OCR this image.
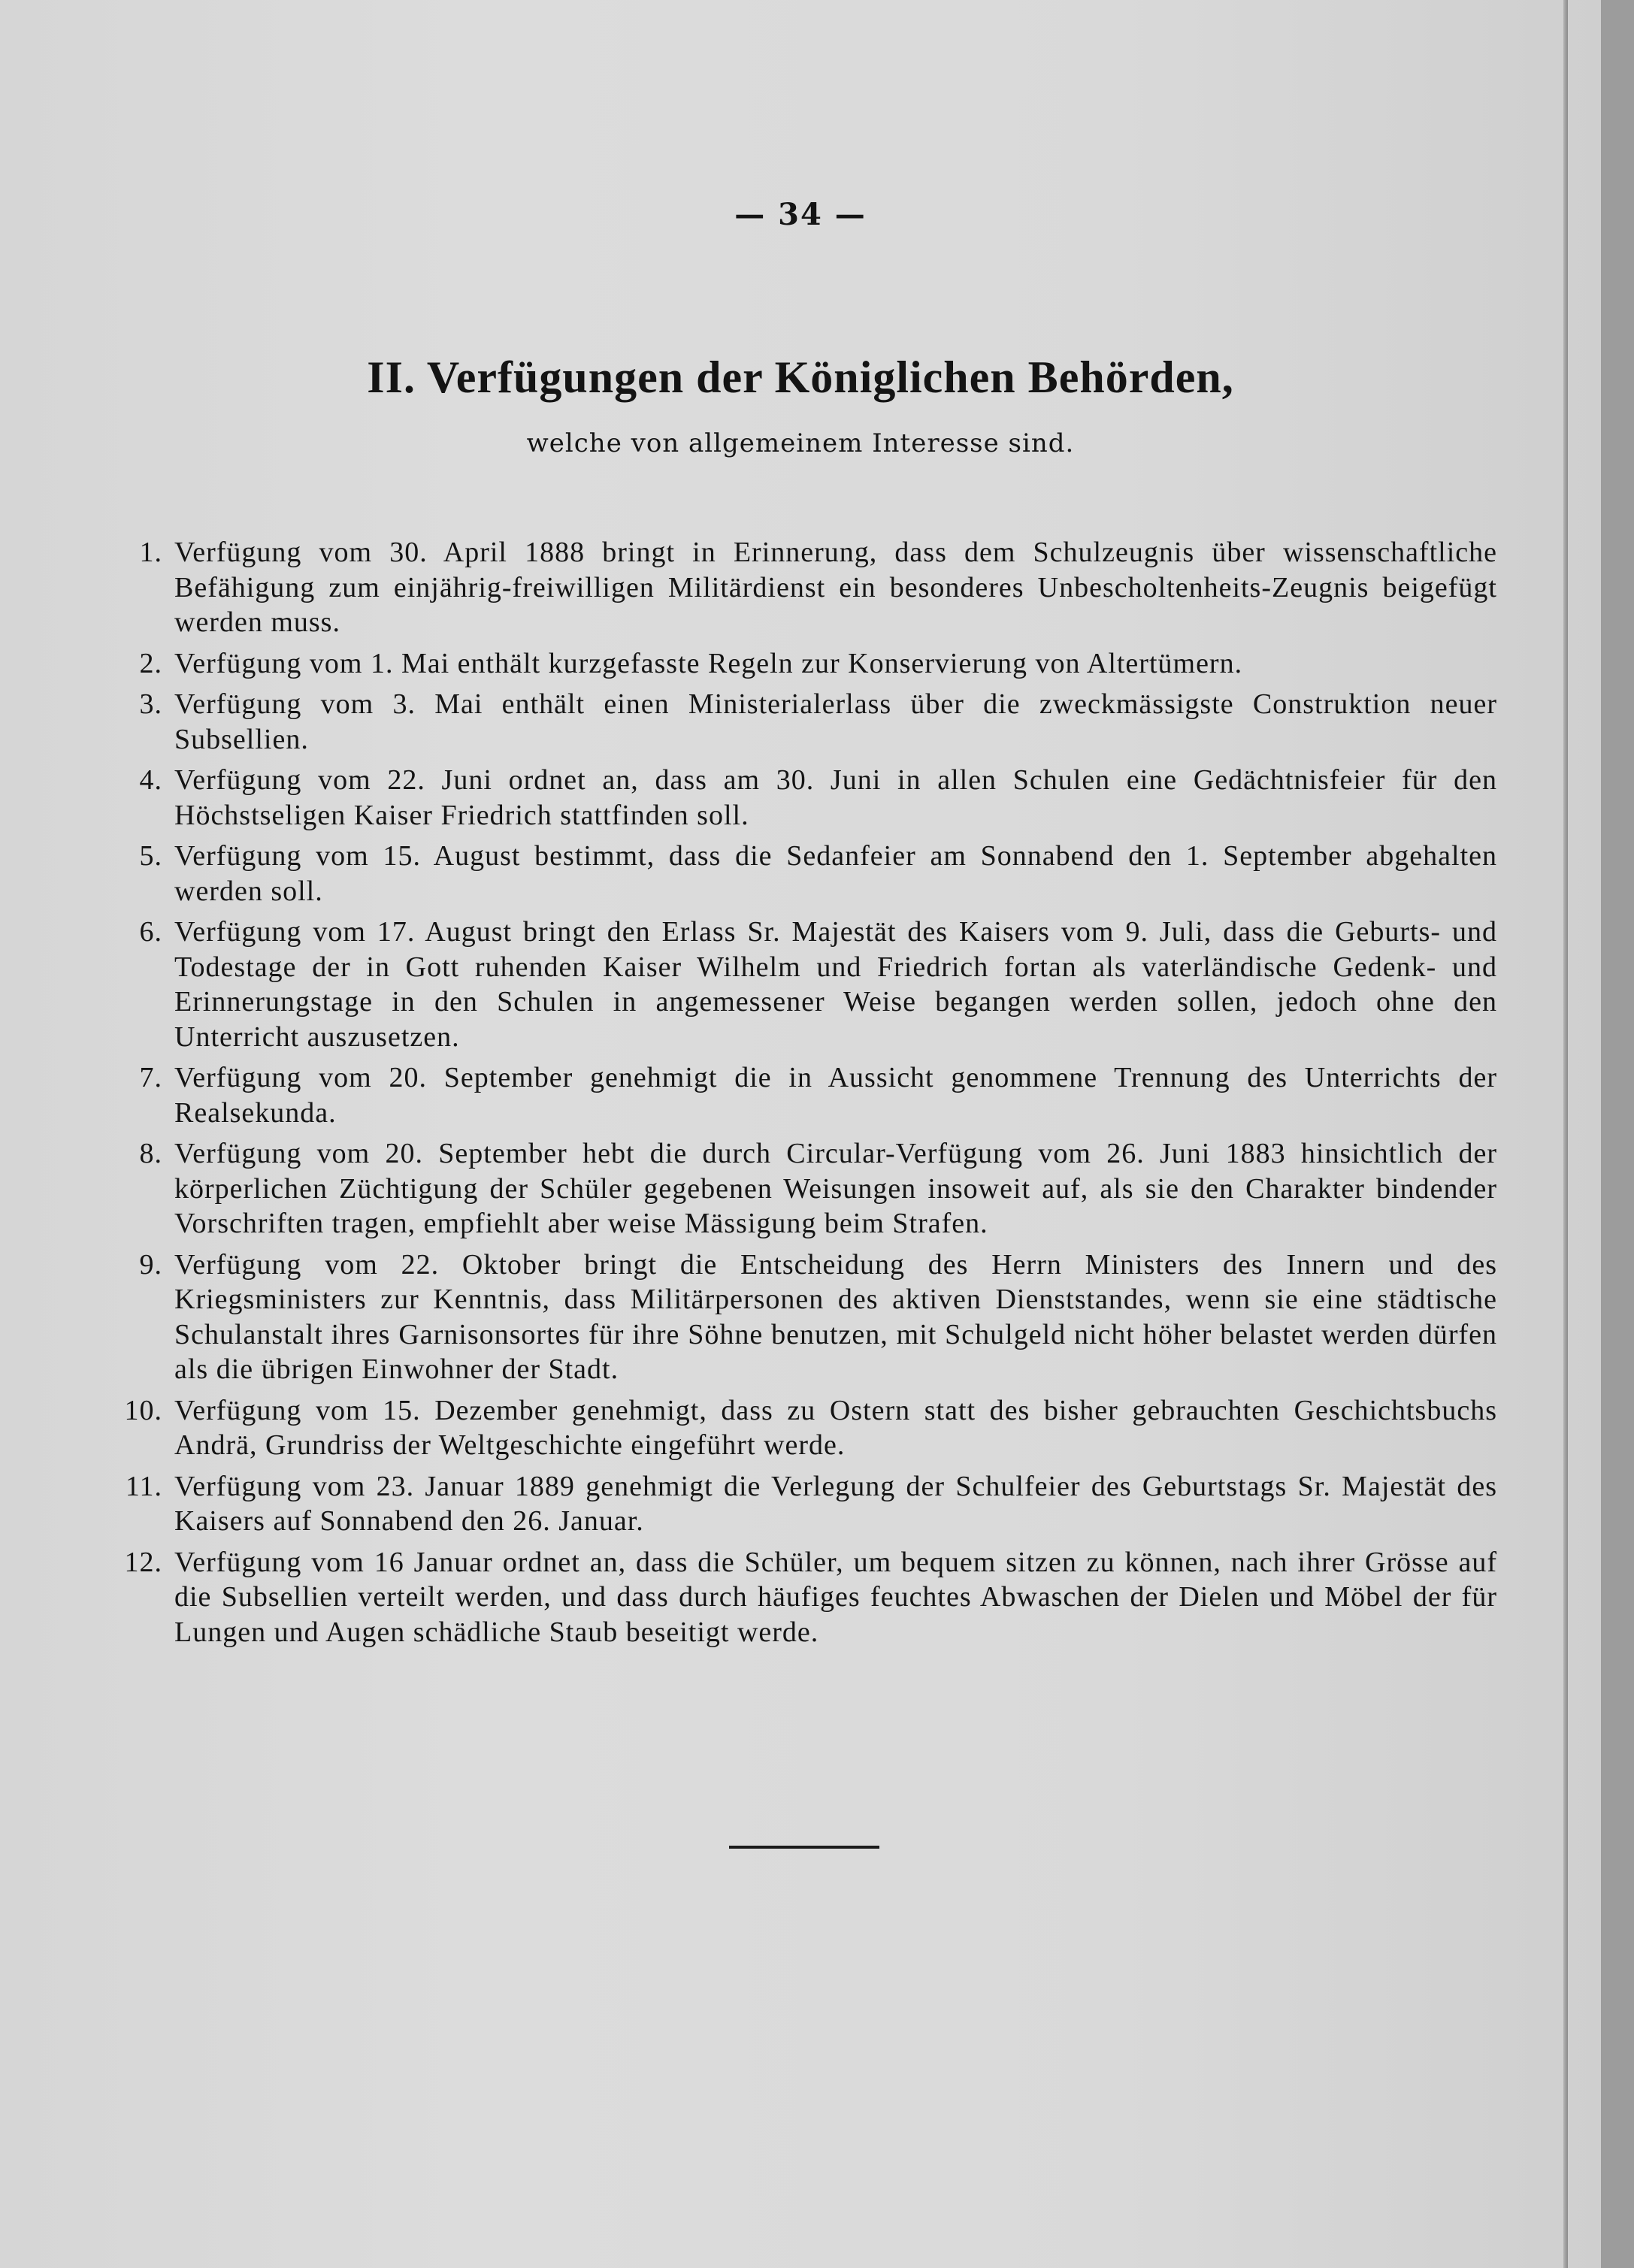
— 34 —
II. Verfügungen der Königlichen Behörden,
welche von allgemeinem Interesse sind.
1. Verfügung vom 30. April 1888 bringt in Erinnerung, dass dem Schulzeugnis über wissenschaftliche Befähigung zum einjährig-freiwilligen Militärdienst ein besonderes Unbescholtenheits-Zeugnis beigefügt werden muss.
2. Verfügung vom 1. Mai enthält kurzgefasste Regeln zur Konservierung von Altertümern.
3. Verfügung vom 3. Mai enthält einen Ministerialerlass über die zweckmässigste Construktion neuer Subsellien.
4. Verfügung vom 22. Juni ordnet an, dass am 30. Juni in allen Schulen eine Gedächtnisfeier für den Höchstseligen Kaiser Friedrich stattfinden soll.
5. Verfügung vom 15. August bestimmt, dass die Sedanfeier am Sonnabend den 1. September abgehalten werden soll.
6. Verfügung vom 17. August bringt den Erlass Sr. Majestät des Kaisers vom 9. Juli, dass die Geburts- und Todestage der in Gott ruhenden Kaiser Wilhelm und Friedrich fortan als vaterländische Gedenk- und Erinnerungstage in den Schulen in angemessener Weise begangen werden sollen, jedoch ohne den Unterricht auszusetzen.
7. Verfügung vom 20. September genehmigt die in Aussicht genommene Trennung des Unterrichts der Realsekunda.
8. Verfügung vom 20. September hebt die durch Circular-Verfügung vom 26. Juni 1883 hinsichtlich der körperlichen Züchtigung der Schüler gegebenen Weisungen insoweit auf, als sie den Charakter bindender Vorschriften tragen, empfiehlt aber weise Mässigung beim Strafen.
9. Verfügung vom 22. Oktober bringt die Entscheidung des Herrn Ministers des Innern und des Kriegsministers zur Kenntnis, dass Militärpersonen des aktiven Dienststandes, wenn sie eine städtische Schulanstalt ihres Garnisonsortes für ihre Söhne benutzen, mit Schulgeld nicht höher belastet werden dürfen als die übrigen Einwohner der Stadt.
10. Verfügung vom 15. Dezember genehmigt, dass zu Ostern statt des bisher gebrauchten Geschichtsbuchs Andrä, Grundriss der Weltgeschichte eingeführt werde.
11. Verfügung vom 23. Januar 1889 genehmigt die Verlegung der Schulfeier des Geburtstags Sr. Majestät des Kaisers auf Sonnabend den 26. Januar.
12. Verfügung vom 16 Januar ordnet an, dass die Schüler, um bequem sitzen zu können, nach ihrer Grösse auf die Subsellien verteilt werden, und dass durch häufiges feuchtes Abwaschen der Dielen und Möbel der für Lungen und Augen schädliche Staub beseitigt werde.
